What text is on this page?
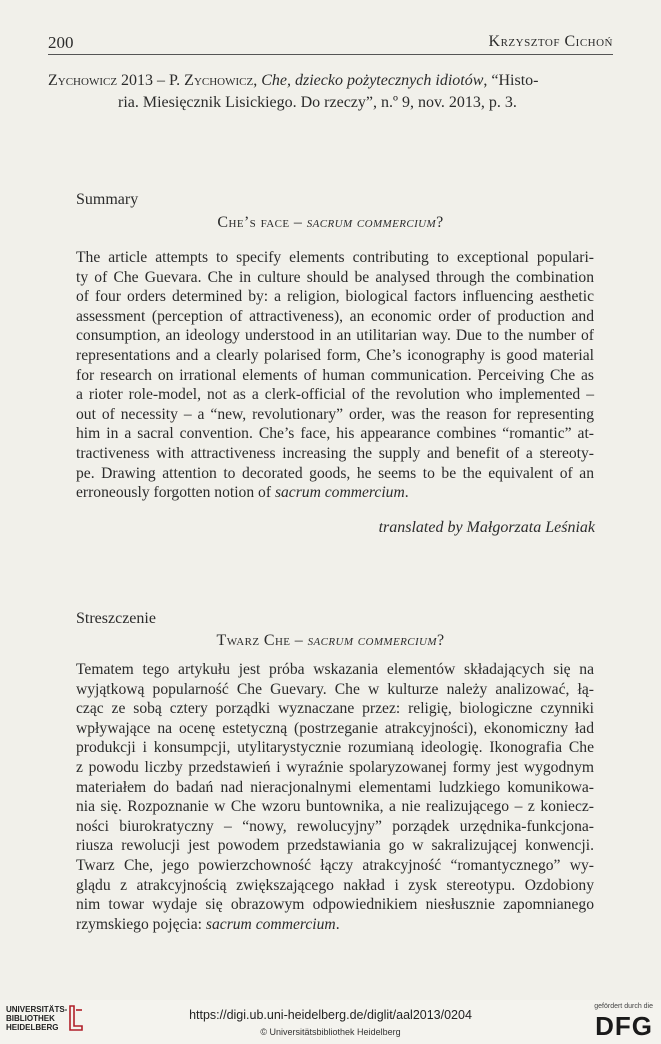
200	Krzysztof Cichoń
Zychowicz 2013 – P. Zychowicz, Che, dziecko pożytecznych idiotów, “Histo-
ria. Miesięcznik Lisickiego. Do rzeczy”, n.º 9, nov. 2013, p. 3.
Summary
Che’s face – sacrum commercium?
The article attempts to specify elements contributing to exceptional populari-
ty of Che Guevara. Che in culture should be analysed through the combination
of four orders determined by: a religion, biological factors influencing aesthetic
assessment (perception of attractiveness), an economic order of production and
consumption, an ideology understood in an utilitarian way. Due to the number of
representations and a clearly polarised form, Che’s iconography is good material
for research on irrational elements of human communication. Perceiving Che as
a rioter role-model, not as a clerk-official of the revolution who implemented –
out of necessity – a “new, revolutionary” order, was the reason for representing
him in a sacral convention. Che’s face, his appearance combines “romantic” at-
tractiveness with attractiveness increasing the supply and benefit of a stereoty-
pe. Drawing attention to decorated goods, he seems to be the equivalent of an
erroneously forgotten notion of sacrum commercium.
translated by Małgorzata Leśniak
Streszczenie
Twarz Che – sacrum commercium?
Tematem tego artykułu jest próba wskazania elementów składających się na
wyjątkową popularność Che Guevary. Che w kulturze należy analizować, łą-
cząc ze sobą cztery porządki wyznaczane przez: religię, biologiczne czynniki
wpływające na ocenę estetyczną (postrzeganie atrakcyjności), ekonomiczny ład
produkcji i konsumpcji, utylitarystycznie rozumianą ideologię. Ikonografia Che
z powodu liczby przedstawień i wyraźnie spolaryzowanej formy jest wygodnym
materiałem do badań nad nieracjonalnymi elementami ludzkiego komunikowa-
nia się. Rozpoznanie w Che wzoru buntownika, a nie realizującego – z koniecz-
ności biurokratyczny – “nowy, rewolucyjny” porządek urzędnika-funkcjona-
riusza rewolucji jest powodem przedstawiania go w sakralizującej konwencji.
Twarz Che, jego powierzchowność łączy atrakcyjność “romantycznego” wy-
glądu z atrakcyjnością zwiększającego nakład i zysk stereotypu. Ozdobiony
nim towar wydaje się obrazowym odpowiednikiem niesłusznie zapomnianego
rzymskiego pojęcia: sacrum commercium.
UNIVERSITÄTS-
BIBLIOTHEK
HEIDELBERG
https://digi.ub.uni-heidelberg.de/diglit/aal2013/0204
© Universitätsbibliothek Heidelberg
gefördert durch die
DFG
